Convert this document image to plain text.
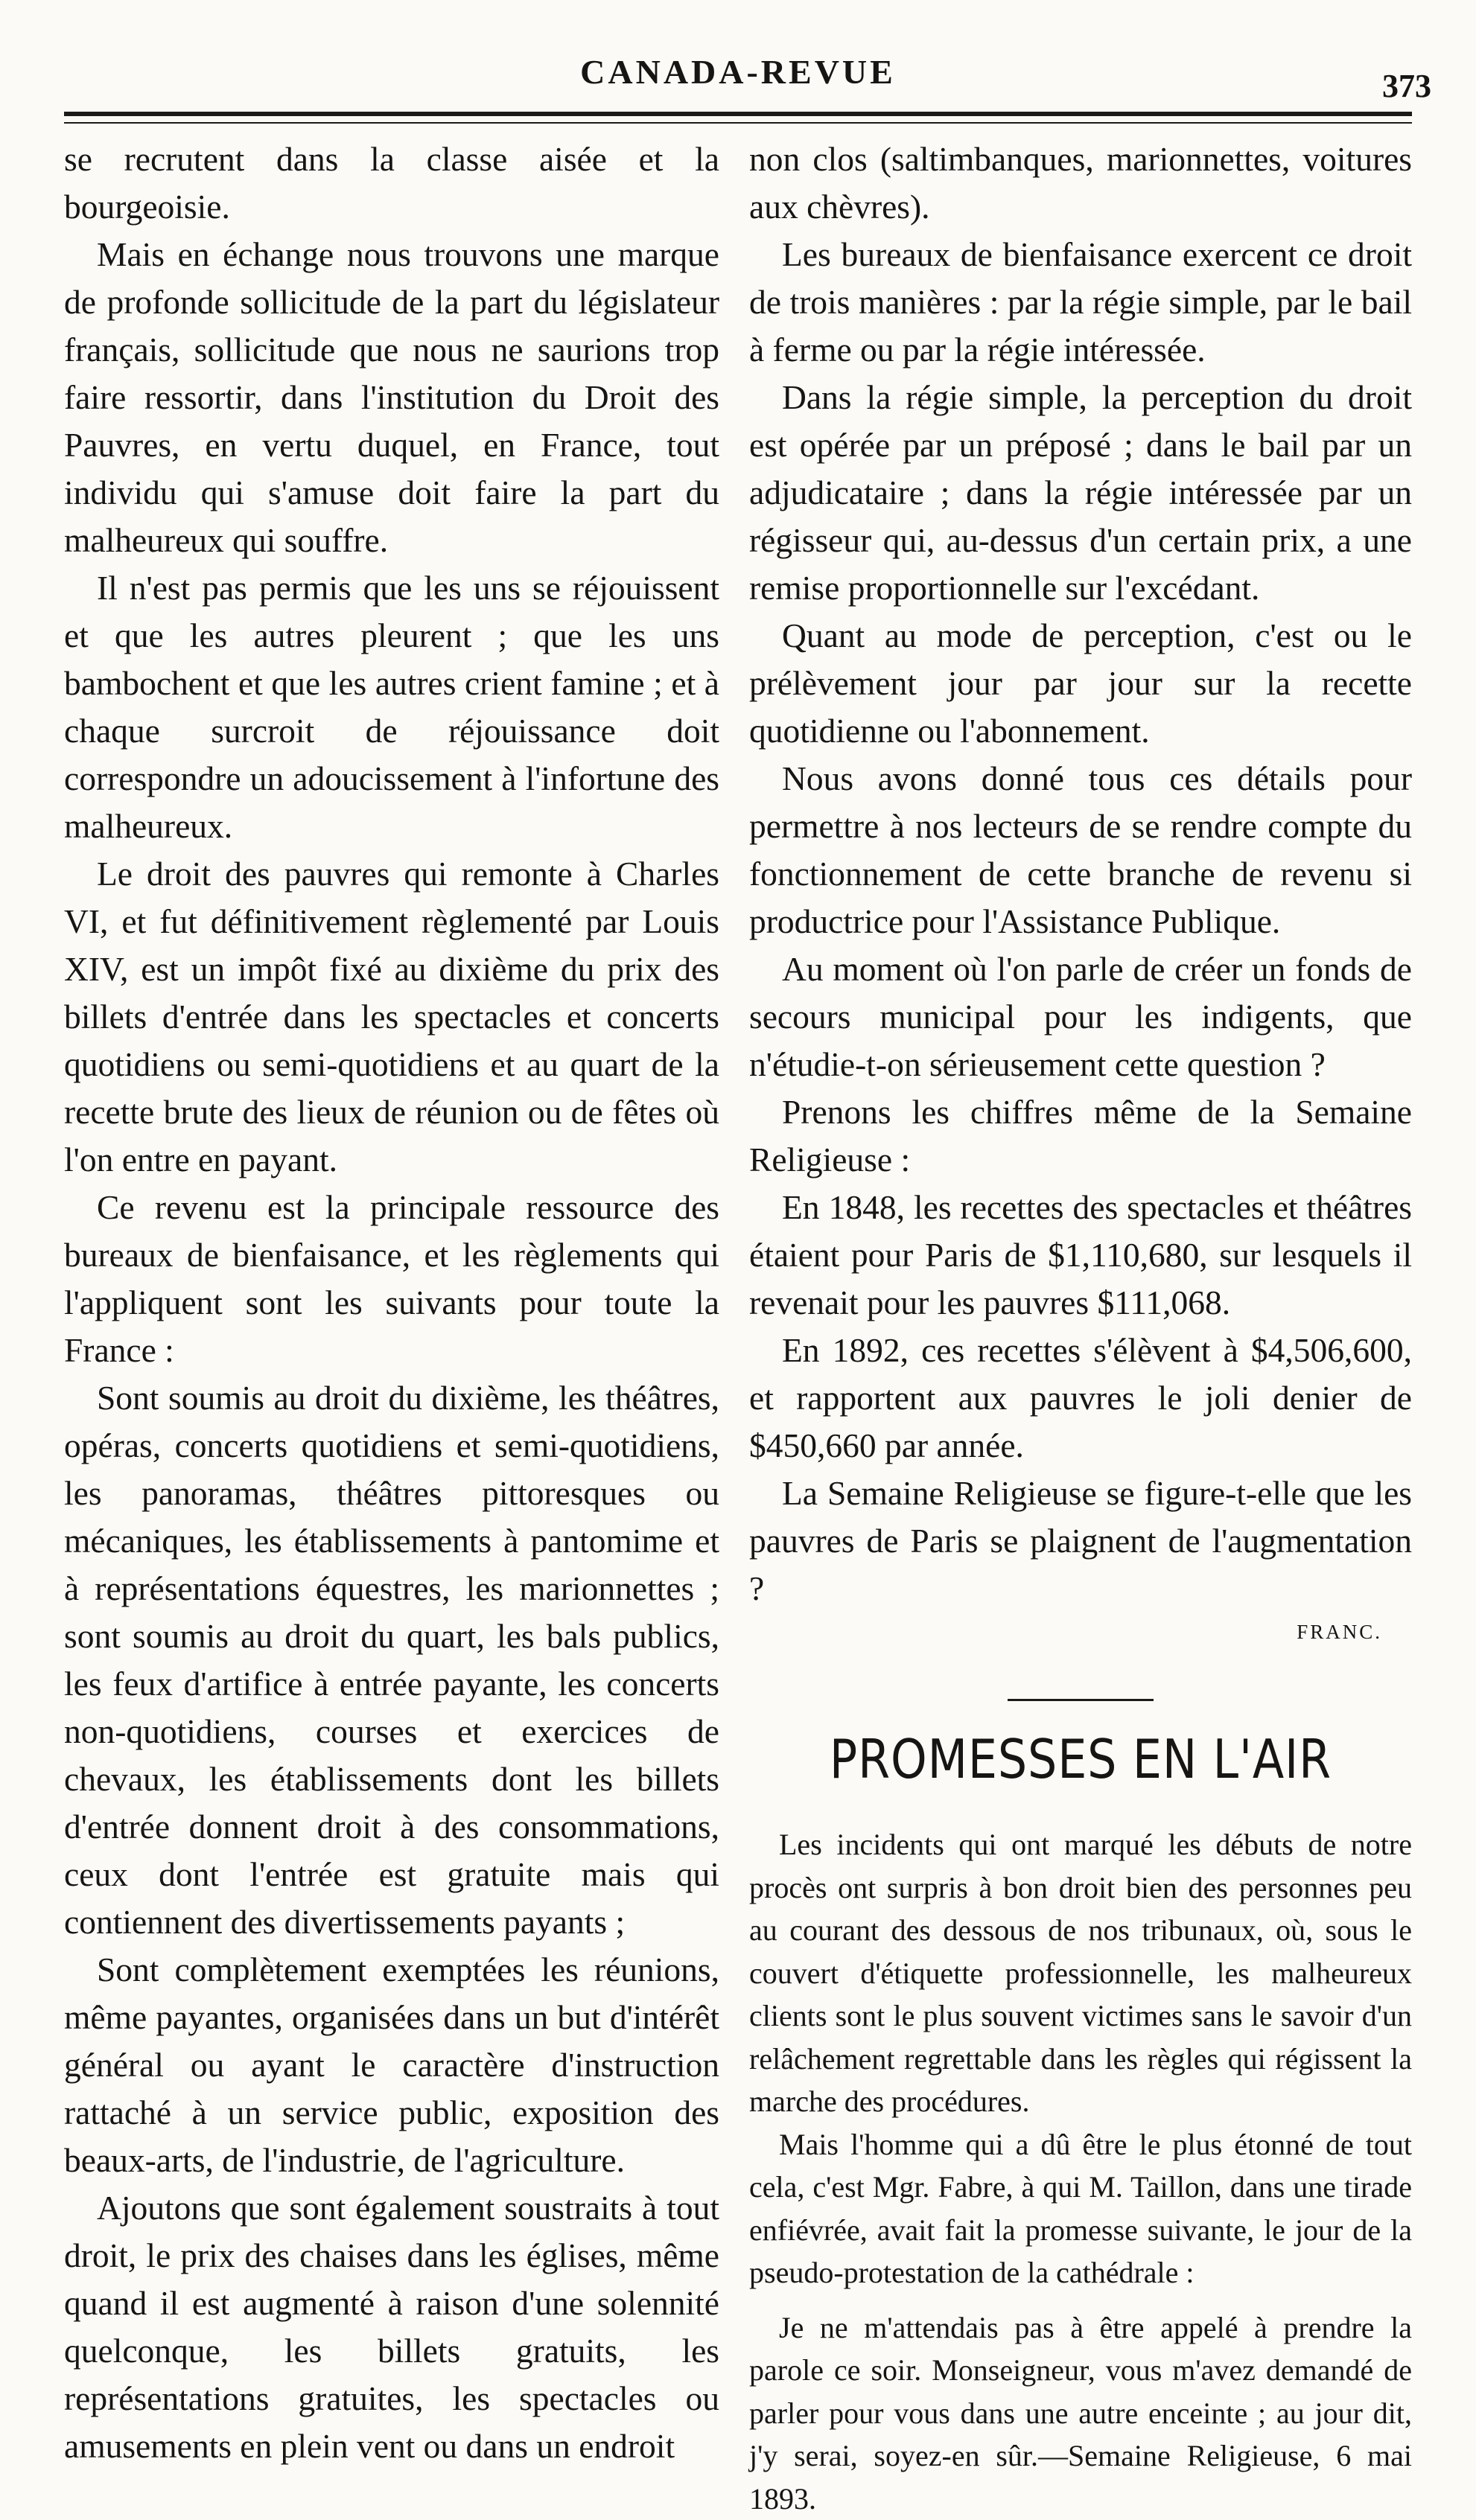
CANADA-REVUE	373

se recrutent dans la classe aisée et la bourgeoisie.

Mais en échange nous trouvons une marque de profonde sollicitude de la part du législateur français, sollicitude que nous ne saurions trop faire ressortir, dans l'institution du Droit des Pauvres, en vertu duquel, en France, tout individu qui s'amuse doit faire la part du malheureux qui souffre.

Il n'est pas permis que les uns se réjouissent et que les autres pleurent ; que les uns bambochent et que les autres crient famine ; et à chaque surcroit de réjouissance doit correspondre un adoucissement à l'infortune des malheureux.

Le droit des pauvres qui remonte à Charles VI, et fut définitivement règlementé par Louis XIV, est un impôt fixé au dixième du prix des billets d'entrée dans les spectacles et concerts quotidiens ou semi-quotidiens et au quart de la recette brute des lieux de réunion ou de fêtes où l'on entre en payant.

Ce revenu est la principale ressource des bureaux de bienfaisance, et les règlements qui l'appliquent sont les suivants pour toute la France :

Sont soumis au droit du dixième, les théâtres, opéras, concerts quotidiens et semi-quotidiens, les panoramas, théâtres pittoresques ou mécaniques, les établissements à pantomime et à représentations équestres, les marionnettes ; sont soumis au droit du quart, les bals publics, les feux d'artifice à entrée payante, les concerts non-quotidiens, courses et exercices de chevaux, les établissements dont les billets d'entrée donnent droit à des consommations, ceux dont l'entrée est gratuite mais qui contiennent des divertissements payants ;

Sont complètement exemptées les réunions, même payantes, organisées dans un but d'intérêt général ou ayant le caractère d'instruction rattaché à un service public, exposition des beaux-arts, de l'industrie, de l'agriculture.

Ajoutons que sont également soustraits à tout droit, le prix des chaises dans les églises, même quand il est augmenté à raison d'une solennité quelconque, les billets gratuits, les représentations gratuites, les spectacles ou amusements en plein vent ou dans un endroit

non clos (saltimbanques, marionnettes, voitures aux chèvres).

Les bureaux de bienfaisance exercent ce droit de trois manières : par la régie simple, par le bail à ferme ou par la régie intéressée.

Dans la régie simple, la perception du droit est opérée par un préposé ; dans le bail par un adjudicataire ; dans la régie intéressée par un régisseur qui, au-dessus d'un certain prix, a une remise proportionnelle sur l'excédant.

Quant au mode de perception, c'est ou le prélèvement jour par jour sur la recette quotidienne ou l'abonnement.

Nous avons donné tous ces détails pour permettre à nos lecteurs de se rendre compte du fonctionnement de cette branche de revenu si productrice pour l'Assistance Publique.

Au moment où l'on parle de créer un fonds de secours municipal pour les indigents, que n'étudie-t-on sérieusement cette question ?

Prenons les chiffres même de la Semaine Religieuse :

En 1848, les recettes des spectacles et théâtres étaient pour Paris de $1,110,680, sur lesquels il revenait pour les pauvres $111,068.

En 1892, ces recettes s'élèvent à $4,506,600, et rapportent aux pauvres le joli denier de $450,660 par année.

La Semaine Religieuse se figure-t-elle que les pauvres de Paris se plaignent de l'augmentation ?

FRANC.
PROMESSES EN L'AIR

Les incidents qui ont marqué les débuts de notre procès ont surpris à bon droit bien des personnes peu au courant des dessous de nos tribunaux, où, sous le couvert d'étiquette professionnelle, les malheureux clients sont le plus souvent victimes sans le savoir d'un relâchement regrettable dans les règles qui régissent la marche des procédures.

Mais l'homme qui a dû être le plus étonné de tout cela, c'est Mgr. Fabre, à qui M. Taillon, dans une tirade enfiévrée, avait fait la promesse suivante, le jour de la pseudo-protestation de la cathédrale :

Je ne m'attendais pas à être appelé à prendre la parole ce soir. Monseigneur, vous m'avez demandé de parler pour vous dans une autre enceinte ; au jour dit, j'y serai, soyez-en sûr.—Semaine Religieuse, 6 mai 1893.
